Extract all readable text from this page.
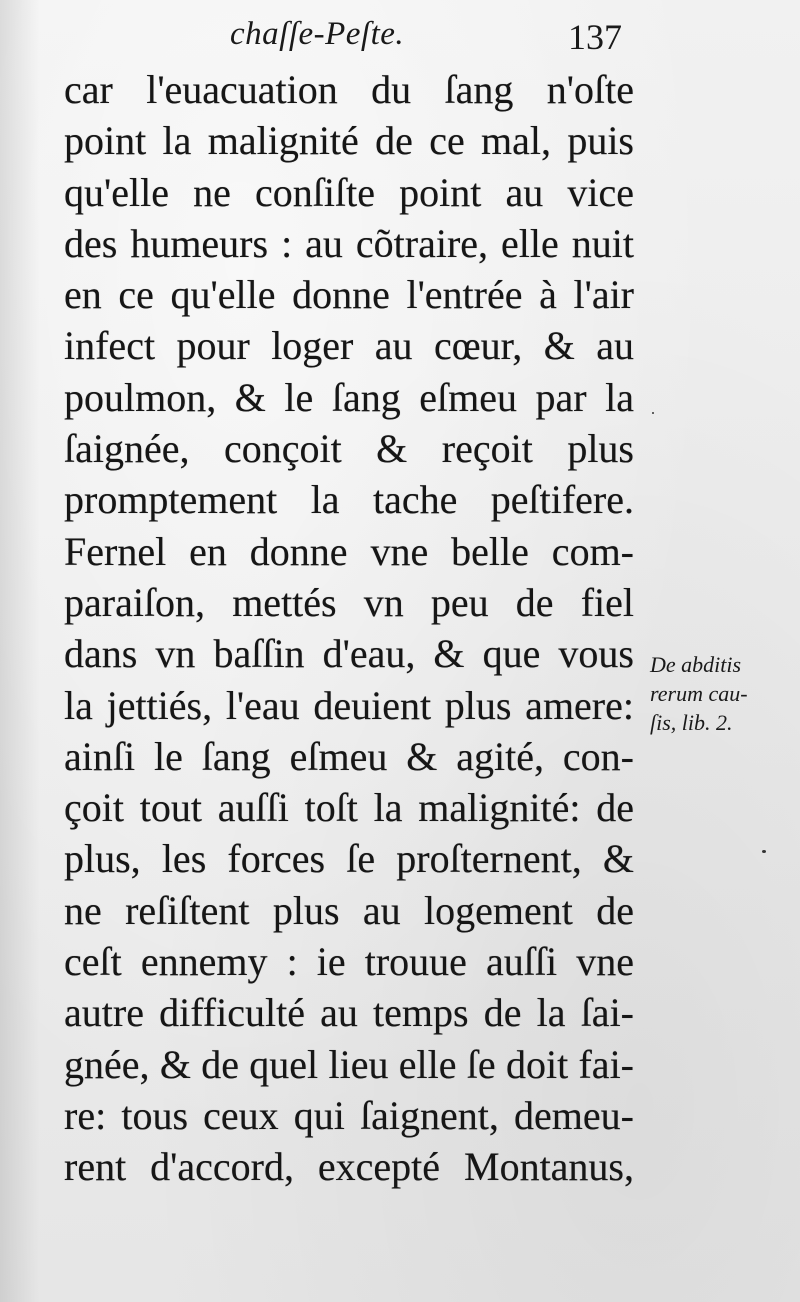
chaſſe-Peſte.	137
car l'euacuation du ſang n'oſte
point la malignité de ce mal, puis
qu'elle ne conſiſte point au vice
des humeurs : au cõtraire, elle nuit
en ce qu'elle donne l'entrée à l'air
infect pour loger au cœur, & au
poulmon, & le ſang eſmeu par la
ſaignée, conçoit & reçoit plus
promptement la tache peſtifere.
Fernel en donne vne belle com-
paraiſon, mettés vn peu de fiel
dans vn baſſin d'eau, & que vous
la jettiés, l'eau deuient plus amere:
ainſi le ſang eſmeu & agité, con-
çoit tout auſſi toſt la malignité: de
plus, les forces ſe proſternent, &
ne reſiſtent plus au logement de
ceſt ennemy : ie trouue auſſi vne
autre difficulté au temps de la ſai-
gnée, & de quel lieu elle ſe doit fai-
re: tous ceux qui ſaignent, demeu-
rent d'accord, excepté Montanus,
De abditis
rerum cau-
ſis, lib. 2.
